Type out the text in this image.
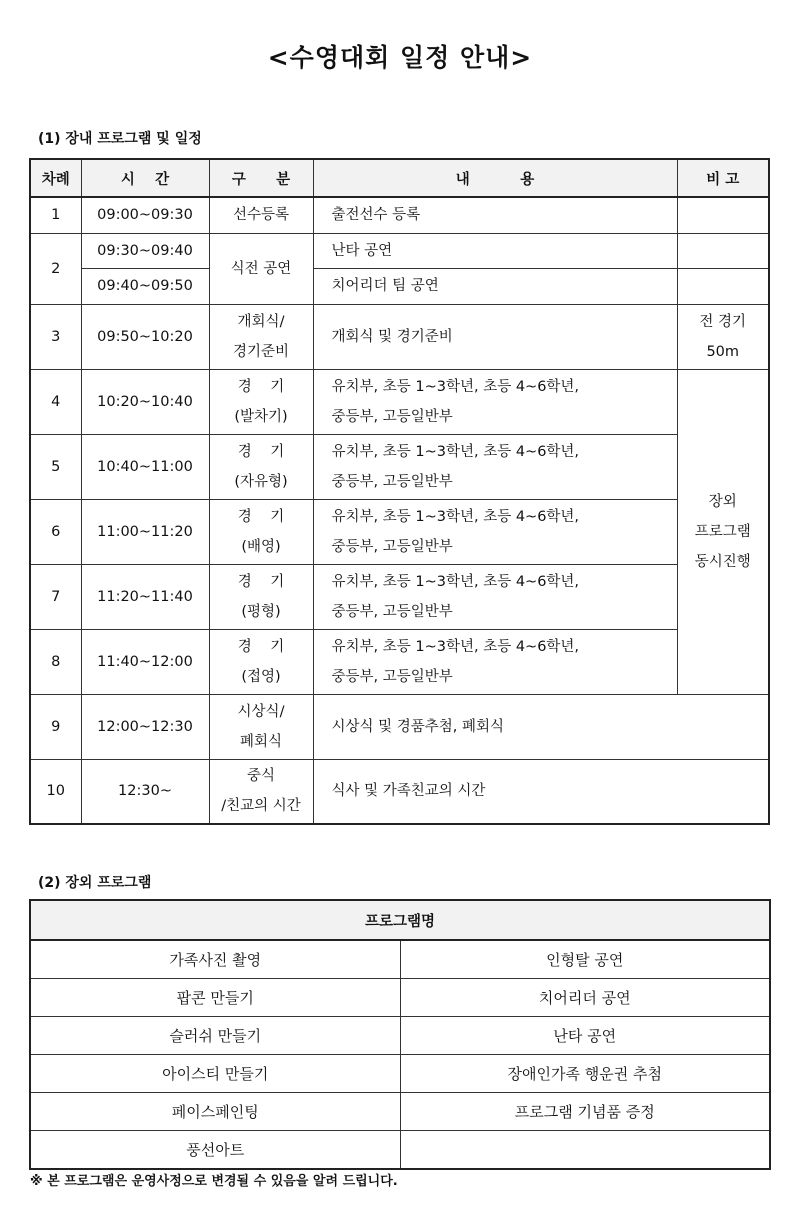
<수영대회 일정 안내>
(1) 장내 프로그램 및 일정
차례	시    간	구      분	내          용	비 고
1	09:00~09:30	선수등록	출전선수 등록	
2	09:30~09:40	식전 공연	난타 공연	
	09:40~09:50		치어리더 팀 공연	
3	09:50~10:20	개회식/
경기준비	개회식 및 경기준비	전 경기
50m

4	10:20~10:40	경    기
(발차기)	유치부, 초등 1~3학년, 초등 4~6학년,
중등부, 고등일반부	장외
프로그램
동시진행

5	10:40~11:00	경    기
(자유형)	유치부, 초등 1~3학년, 초등 4~6학년,
중등부, 고등일반부	

6	11:00~11:20	경    기
(배영)	유치부, 초등 1~3학년, 초등 4~6학년,
중등부, 고등일반부	

7	11:20~11:40	경    기
(평형)	유치부, 초등 1~3학년, 초등 4~6학년,
중등부, 고등일반부	

8	11:40~12:00	경    기
(접영)	유치부, 초등 1~3학년, 초등 4~6학년,
중등부, 고등일반부	

9	12:00~12:30	시상식/
폐회식	시상식 및 경품추첨, 폐회식	
10	12:30~	중식
/친교의 시간	식사 및 가족친교의 시간	
(2) 장외 프로그램
프로그램명	
가족사진 촬영	인형탈 공연
팝콘 만들기	치어리더 공연
슬러쉬 만들기	난타 공연
아이스티 만들기	장애인가족 행운권 추첨
페이스페인팅	프로그램 기념품 증정
풍선아트	
※ 본 프로그램은 운영사정으로 변경될 수 있음을 알려 드립니다.
